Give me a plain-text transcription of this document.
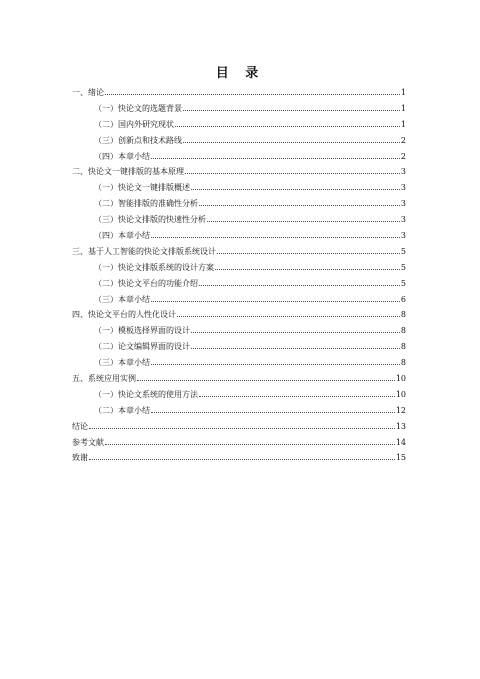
目 录
一、绪论	1
（一）快论文的选题背景	1
（二）国内外研究现状	1
（三）创新点和技术路线	2
（四）本章小结	2
二、快论文一键排版的基本原理	3
（一）快论文一键排版概述	3
（二）智能排版的准确性分析	3
（三）快论文排版的快速性分析	3
（四）本章小结	3
三、基于人工智能的快论文排版系统设计	5
（一）快论文排版系统的设计方案	5
（二）快论文平台的功能介绍	5
（三）本章小结	6
四、快论文平台的人性化设计	8
（一）模板选择界面的设计	8
（二）论文编辑界面的设计	8
（三）本章小结	8
五、系统应用实例	10
（一）快论文系统的使用方法	10
（二）本章小结	12
结论	13
参考文献	14
致谢	15
